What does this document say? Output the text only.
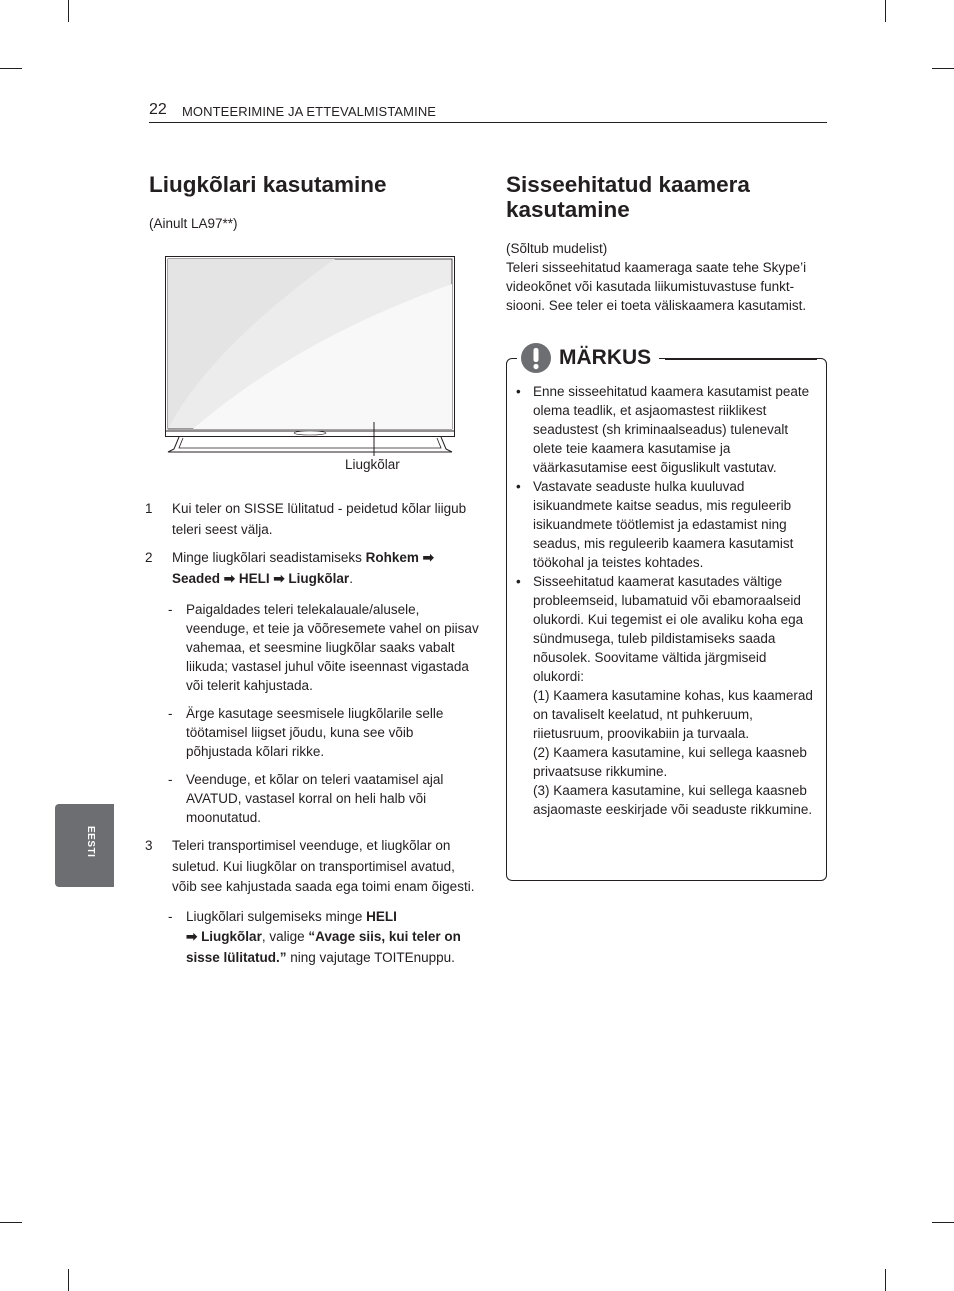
22 MONTEERIMINE JA ETTEVALMISTAMINE
Liugkõlari kasutamine
(Ainult LA97**)
Liugkõlar
1 Kui teler on SISSE lülitatud - peidetud kõlar liigub teleri seest välja.
2 Minge liugkõlari seadistamiseks Rohkem ➡
Seaded ➡ HELI ➡ Liugkõlar.
- Paigaldades teleri telekalauale/alusele, veenduge, et teie ja võõresemete vahel on piisav vahemaa, et seesmine liugkõlar saaks vabalt liikuda; vastasel juhul võite iseennast vigastada või telerit kahjustada.
- Ärge kasutage seesmisele liugkõlarile selle töötamisel liigset jõudu, kuna see võib põhjustada kõlari rikke.
- Veenduge, et kõlar on teleri vaatamisel ajal AVATUD, vastasel korral on heli halb või moonutatud.
3 Teleri transportimisel veenduge, et liugkõlar on suletud. Kui liugkõlar on transportimisel avatud, võib see kahjustada saada ega toimi enam õigesti.
- Liugkõlari sulgemiseks minge HELI
➡ Liugkõlar, valige “Avage siis, kui teler on sisse lülitatud.” ning vajutage TOITEnuppu.
Sisseehitatud kaamera kasutamine
(Sõltub mudelist)
Teleri sisseehitatud kaameraga saate tehe Skype’i videokõnet või kasutada liikumistuvastuse funkt-siooni. See teler ei toeta väliskaamera kasutamist.
MÄRKUS
• Enne sisseehitatud kaamera kasutamist peate olema teadlik, et asjaomastest riiklikest seadustest (sh kriminaalseadus) tulenevalt olete teie kaamera kasutamise ja väärkasutamise eest õiguslikult vastutav.
• Vastavate seaduste hulka kuuluvad isikuandmete kaitse seadus, mis reguleerib isikuandmete töötlemist ja edastamist ning seadus, mis reguleerib kaamera kasutamist töökohal ja teistes kohtades.
• Sisseehitatud kaamerat kasutades vältige probleemseid, lubamatuid või ebamoraalseid olukordi. Kui tegemist ei ole avaliku koha ega sündmusega, tuleb pildistamiseks saada nõusolek. Soovitame vältida järgmiseid olukordi:
(1) Kaamera kasutamine kohas, kus kaamerad on tavaliselt keelatud, nt puhkeruum, riietusruum, proovikabiin ja turvaala.
(2) Kaamera kasutamine, kui sellega kaasneb privaatsuse rikkumine.
(3) Kaamera kasutamine, kui sellega kaasneb asjaomaste eeskirjade või seaduste rikkumine.
EESTI
